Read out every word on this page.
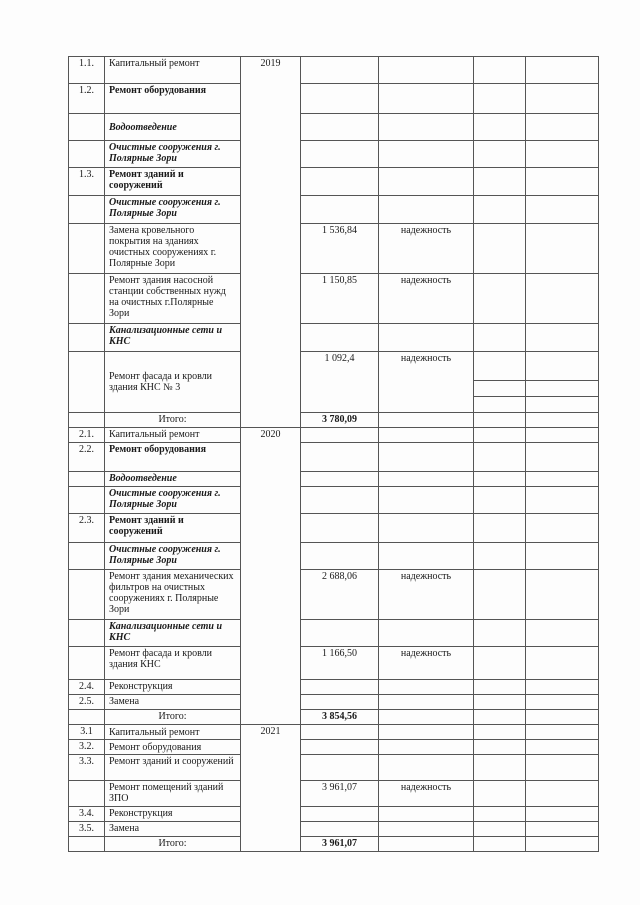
1.1.	Капитальный ремонт	2019				
1.2.	Ремонт оборудования					
	Водоотведение					
	Очистные сооружения г. Полярные Зори					
1.3.	Ремонт зданий и сооружений					
	Очистные сооружения г. Полярные Зори					
	Замена кровельного покрытия на зданиях очистных сооружениях г. Полярные Зори		1 536,84	надежность		
	Ремонт здания насосной станции собственных нужд на очистных г.Полярные Зори		1 150,85	надежность		
	Канализационные сети и КНС					
	Ремонт фасада и кровли здания КНС № 3		1 092,4	надежность		

	Итого:		3 780,09			
2.1.	Капитальный ремонт	2020				
2.2.	Ремонт оборудования					
	Водоотведение					
	Очистные сооружения г. Полярные Зори					
2.3.	Ремонт зданий и сооружений					
	Очистные сооружения г. Полярные Зори					
	Ремонт здания механических фильтров на очистных сооружениях г. Полярные Зори		2 688,06	надежность		
	Канализационные сети и КНС					
	Ремонт фасада и кровли здания КНС		1 166,50	надежность		
2.4.	Реконструкция					
2.5.	Замена					
	Итого:		3 854,56			
3.1	Капитальный ремонт	2021				
3.2.	Ремонт оборудования					
3.3.	Ремонт зданий и сооружений					
	Ремонт помещений зданий ЗПО		3 961,07	надежность		
3.4.	Реконструкция					
3.5.	Замена					
	Итого:		3 961,07			
